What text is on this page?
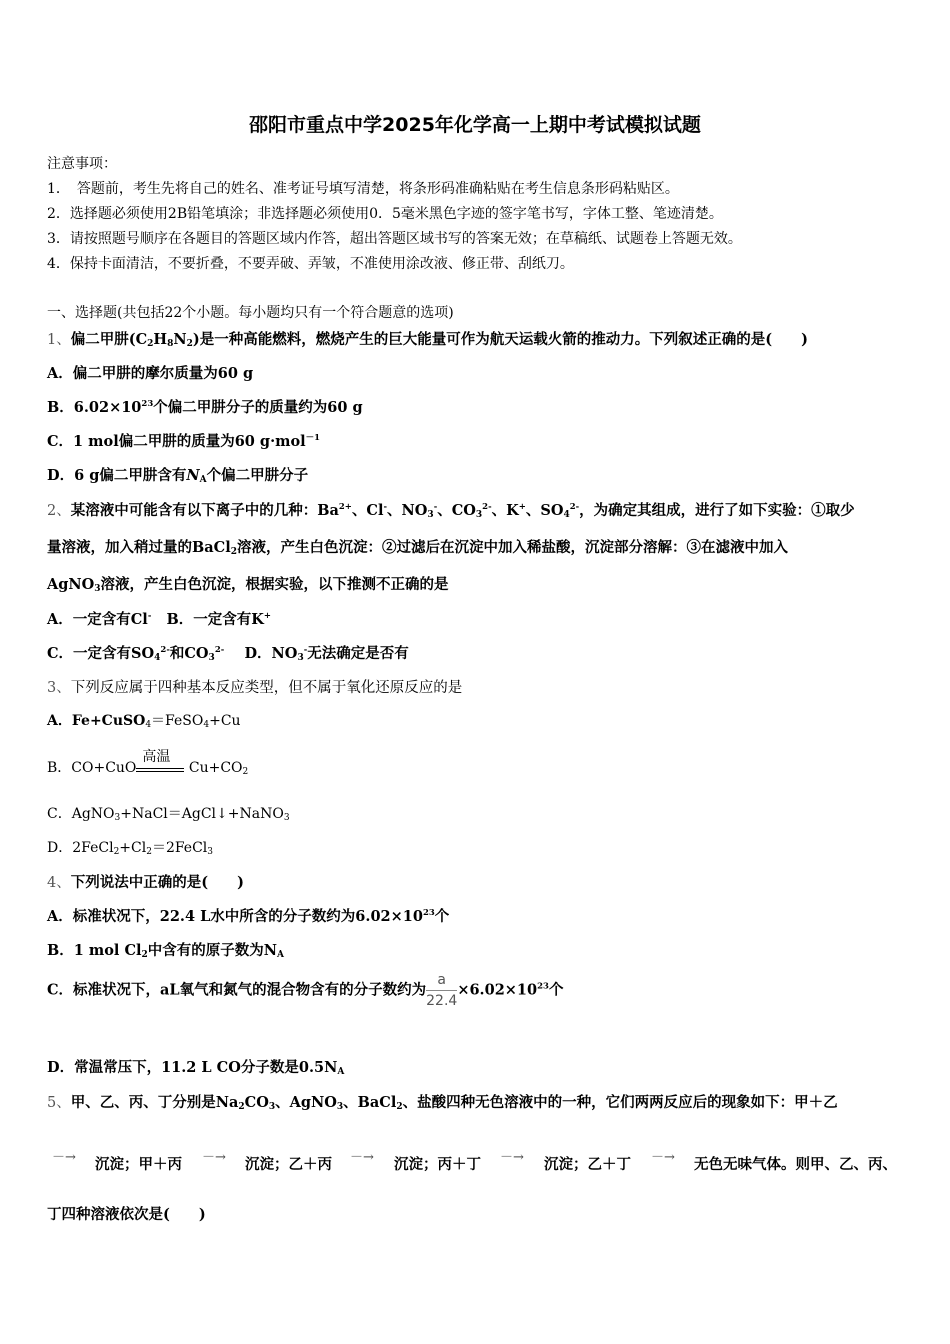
邵阳市重点中学2025年化学高一上期中考试模拟试题
注意事项：
1．　答题前，考生先将自己的姓名、准考证号填写清楚，将条形码准确粘贴在考生信息条形码粘贴区。
2．选择题必须使用2B铅笔填涂；非选择题必须使用0．5毫米黑色字迹的签字笔书写，字体工整、笔迹清楚。
3．请按照题号顺序在各题目的答题区域内作答，超出答题区域书写的答案无效；在草稿纸、试题卷上答题无效。
4．保持卡面清洁，不要折叠，不要弄破、弄皱，不准使用涂改液、修正带、刮纸刀。
一、选择题(共包括22个小题。每小题均只有一个符合题意的选项)
1、偏二甲肼$(C_2H_8N_2)$是一种高能燃料，燃烧产生的巨大能量可作为航天运载火箭的推动力。下列叙述正确的是(　　)
A．偏二甲肼的摩尔质量为60 g
B．$6.02\times 10^{23}$个偏二甲肼分子的质量约为60 g
C．1 mol偏二甲肼的质量为60 g·mol$^{-1}$
D．6 g偏二甲肼含有$N_A$个偏二甲肼分子
2、某溶液中可能含有以下离子中的几种：$Ba^{2+}$、Cl-、$NO_3^-$、$CO_3^{2-}$、K+、$SO_4^{2-}$，为确定其组成，进行了如下实验：①取少
量溶液，加入稍过量的BaCl$_2$溶液，产生白色沉淀：②过滤后在沉淀中加入稀盐酸，沉淀部分溶解：③在滤液中加入
AgNO$_3$溶液，产生白色沉淀，根据实验，以下推测不正确的是
A．一定含有Cl- B．一定含有K+
C．一定含有$SO_4^{2-}$和$CO_3^{2-}$ D．$NO_3^-$无法确定是否有
3、下列反应属于四种基本反应类型，但不属于氧化还原反应的是
A．Fe+CuSO$_4$＝FeSO$_4$+Cu
B．CO+CuO
高温
$Cu+CO_2$
C．AgNO$_3$+NaCl＝AgCl↓+NaNO$_3$
D．$2FeCl_2+Cl_2=2FeCl_3$
4、下列说法中正确的是(　　)
A．标准状况下，22.4 L水中所含的分子数约为$6.02\times 10^{23}$个
B．1 mol $Cl_2$中含有的原子数为$N_A$
C．标准状况下，aL氧气和氮气的混合物含有的分子数约为 $\frac{a}{22.4} \times 6.02\times 10^{23}$个
D．常温常压下，11.2 L CO分子数是$0.5N_A$
5、甲、乙、丙、丁分别是$Na_2CO_3$、AgNO$_3$、BaCl$_2$、盐酸四种无色溶液中的一种，它们两两反应后的现象如下：甲＋乙
－→ 沉淀；甲＋丙 －→ 沉淀；乙＋丙 －→ 沉淀；丙＋丁 －→ 沉淀；乙＋丁 －→ 无色无味气体。则甲、乙、丙、
丁四种溶液依次是(　　)
